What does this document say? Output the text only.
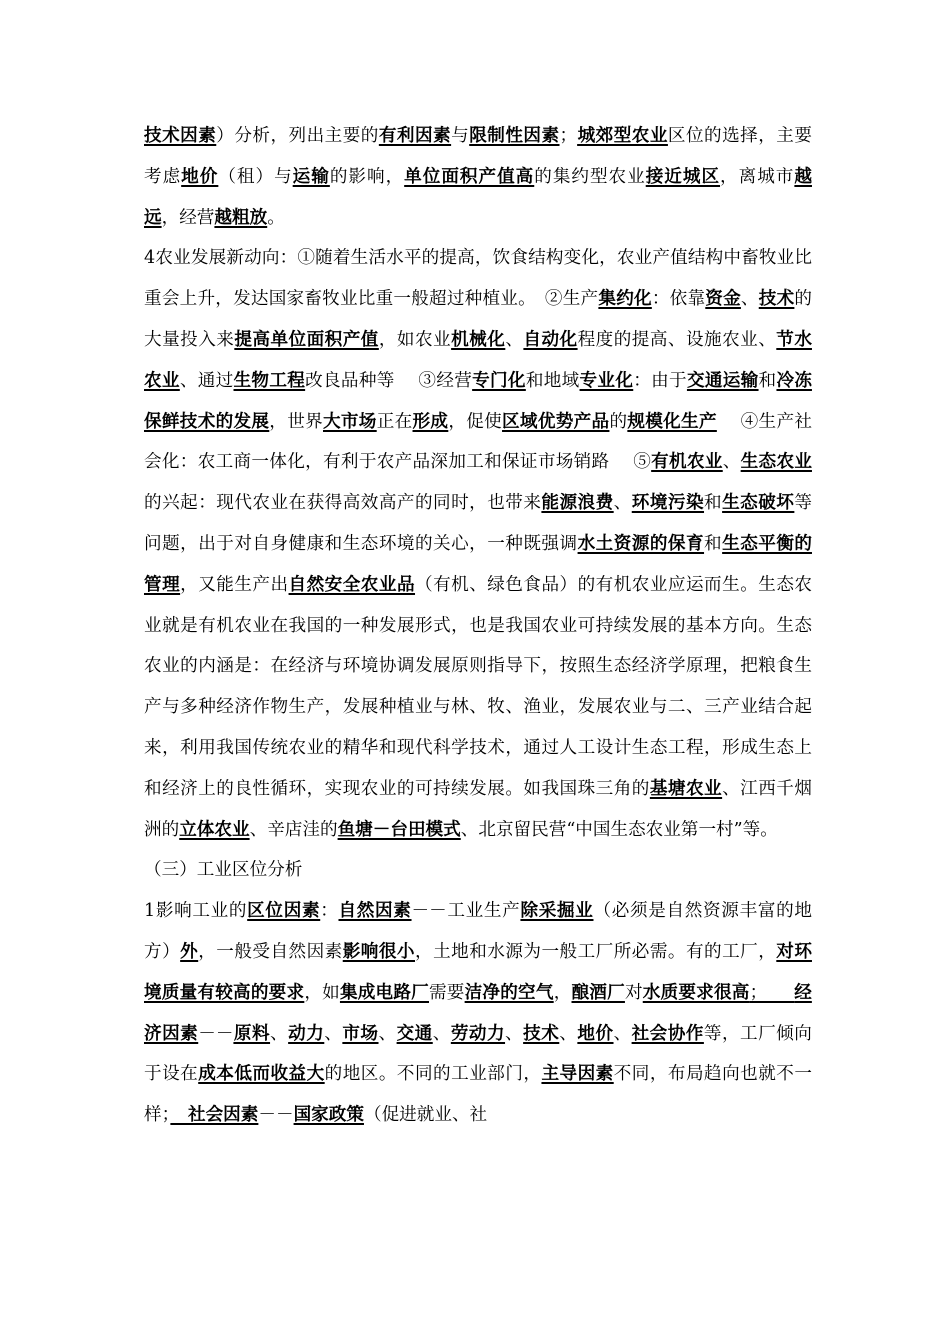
技术因素）分析，列出主要的有利因素与限制性因素；城郊型农业区位的选择，主要考虑地价（租）与运输的影响，单位面积产值高的集约型农业接近城区，离城市越远，经营越粗放。

4农业发展新动向：①随着生活水平的提高，饮食结构变化，农业产值结构中畜牧业比重会上升，发达国家畜牧业比重一般超过种植业。　②生产集约化：依靠资金、技术的大量投入来提高单位面积产值，如农业机械化、自动化程度的提高、设施农业、节水农业、通过生物工程改良品种等　 ③经营专门化和地域专业化：由于交通运输和冷冻保鲜技术的发展，世界大市场正在形成，促使区域优势产品的规模化生产　 ④生产社会化：农工商一体化，有利于农产品深加工和保证市场销路　 ⑤有机农业、生态农业的兴起：现代农业在获得高效高产的同时，也带来能源浪费、环境污染和生态破坏等问题，出于对自身健康和生态环境的关心，一种既强调水土资源的保育和生态平衡的管理，又能生产出自然安全农业品（有机、绿色食品）的有机农业应运而生。生态农业就是有机农业在我国的一种发展形式，也是我国农业可持续发展的基本方向。生态农业的内涵是：在经济与环境协调发展原则指导下，按照生态经济学原理，把粮食生产与多种经济作物生产，发展种植业与林、牧、渔业，发展农业与二、三产业结合起来，利用我国传统农业的精华和现代科学技术，通过人工设计生态工程，形成生态上和经济上的良性循环，实现农业的可持续发展。如我国珠三角的基塘农业、江西千烟洲的立体农业、辛店洼的鱼塘－台田模式、北京留民营“中国生态农业第一村”等。

（三）工业区位分析

1影响工业的区位因素：自然因素－－工业生产除采掘业（必须是自然资源丰富的地方）外，一般受自然因素影响很小，土地和水源为一般工厂所必需。有的工厂，对环境质量有较高的要求，如集成电路厂需要洁净的空气，酿酒厂对水质要求很高；　　经济因素－－原料、动力、市场、交通、劳动力、技术、地价、社会协作等，工厂倾向于设在成本低而收益大的地区。不同的工业部门，主导因素不同，布局趋向也就不一样；　社会因素－－国家政策（促进就业、社
